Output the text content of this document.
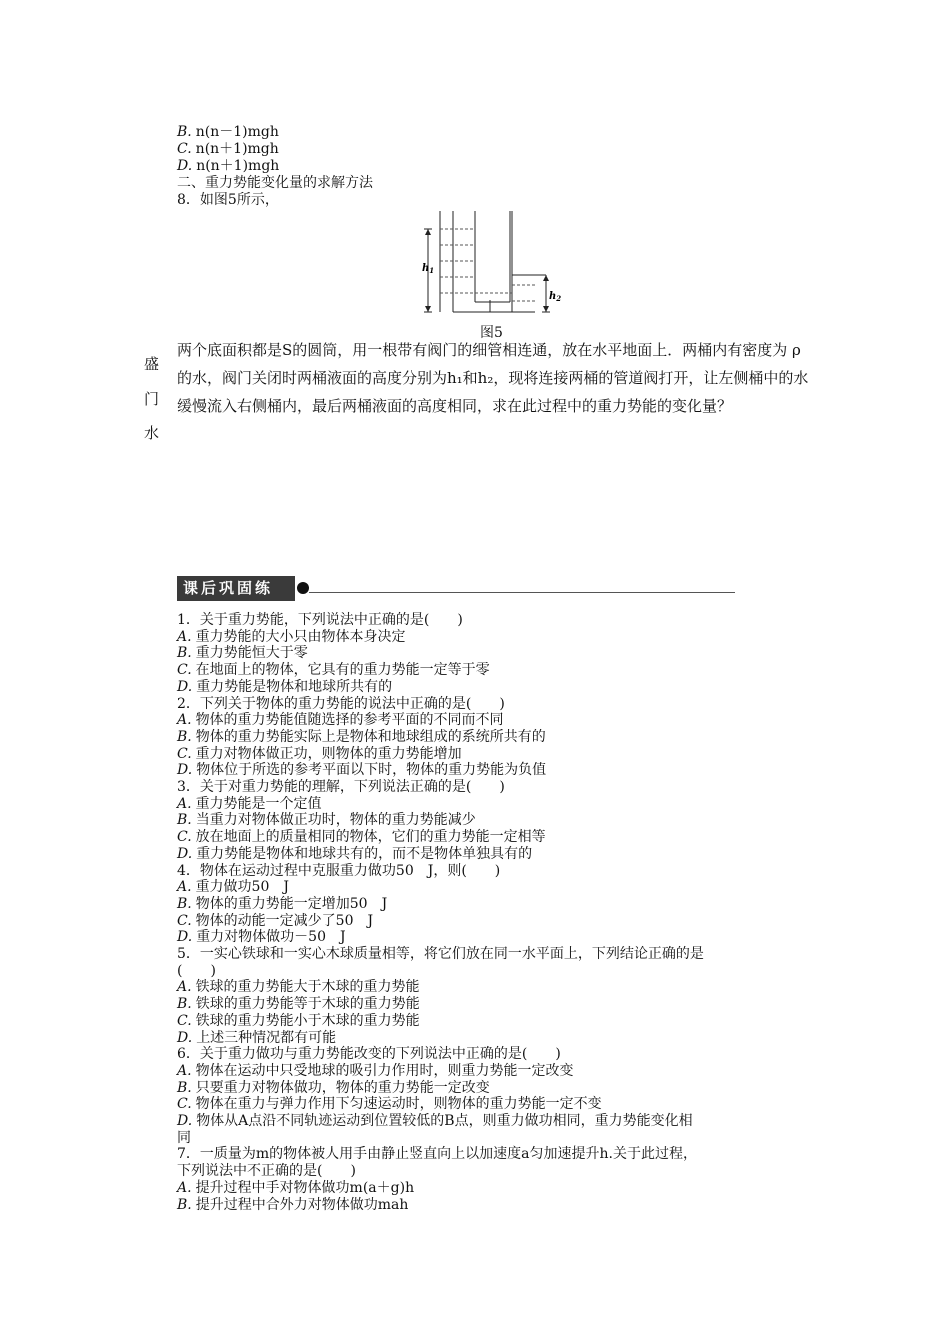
B. n(n－1)mgh
C. n(n＋1)mgh
D. n(n＋1)mgh
二、重力势能变化量的求解方法
8．如图5所示，
$h_1$
$h_2$
图5
两个底面积都是S的圆筒，用一根带有阀门的细管相连通，放在水平地面上．两桶内有密度为 ρ 的水，阀门关闭时两桶液面的高度分别为h₁和h₂，现将连接两桶的管道阀打开，让左侧桶中的水缓慢流入右侧桶内，最后两桶液面的高度相同，求在此过程中的重力势能的变化量？
盛
门
水
课后巩固练
1．关于重力势能，下列说法中正确的是(　　)
A. 重力势能的大小只由物体本身决定
B. 重力势能恒大于零
C. 在地面上的物体，它具有的重力势能一定等于零
D. 重力势能是物体和地球所共有的
2．下列关于物体的重力势能的说法中正确的是(　　)
A. 物体的重力势能值随选择的参考平面的不同而不同
B. 物体的重力势能实际上是物体和地球组成的系统所共有的
C. 重力对物体做正功，则物体的重力势能增加
D. 物体位于所选的参考平面以下时，物体的重力势能为负值
3．关于对重力势能的理解，下列说法正确的是(　　)
A. 重力势能是一个定值
B. 当重力对物体做正功时，物体的重力势能减少
C. 放在地面上的质量相同的物体，它们的重力势能一定相等
D. 重力势能是物体和地球共有的，而不是物体单独具有的
4．物体在运动过程中克服重力做功50　J，则(　　)
A. 重力做功50　J
B. 物体的重力势能一定增加50　J
C. 物体的动能一定减少了50　J
D. 重力对物体做功－50　J
5．一实心铁球和一实心木球质量相等，将它们放在同一水平面上，下列结论正确的是
(　　)
A. 铁球的重力势能大于木球的重力势能
B. 铁球的重力势能等于木球的重力势能
C. 铁球的重力势能小于木球的重力势能
D. 上述三种情况都有可能
6．关于重力做功与重力势能改变的下列说法中正确的是(　　)
A. 物体在运动中只受地球的吸引力作用时，则重力势能一定改变
B. 只要重力对物体做功，物体的重力势能一定改变
C. 物体在重力与弹力作用下匀速运动时，则物体的重力势能一定不变
D. 物体从A点沿不同轨迹运动到位置较低的B点，则重力做功相同，重力势能变化相
同
7．一质量为m的物体被人用手由静止竖直向上以加速度a匀加速提升h.关于此过程，
下列说法中不正确的是(　　)
A. 提升过程中手对物体做功m(a＋g)h
B. 提升过程中合外力对物体做功mah
